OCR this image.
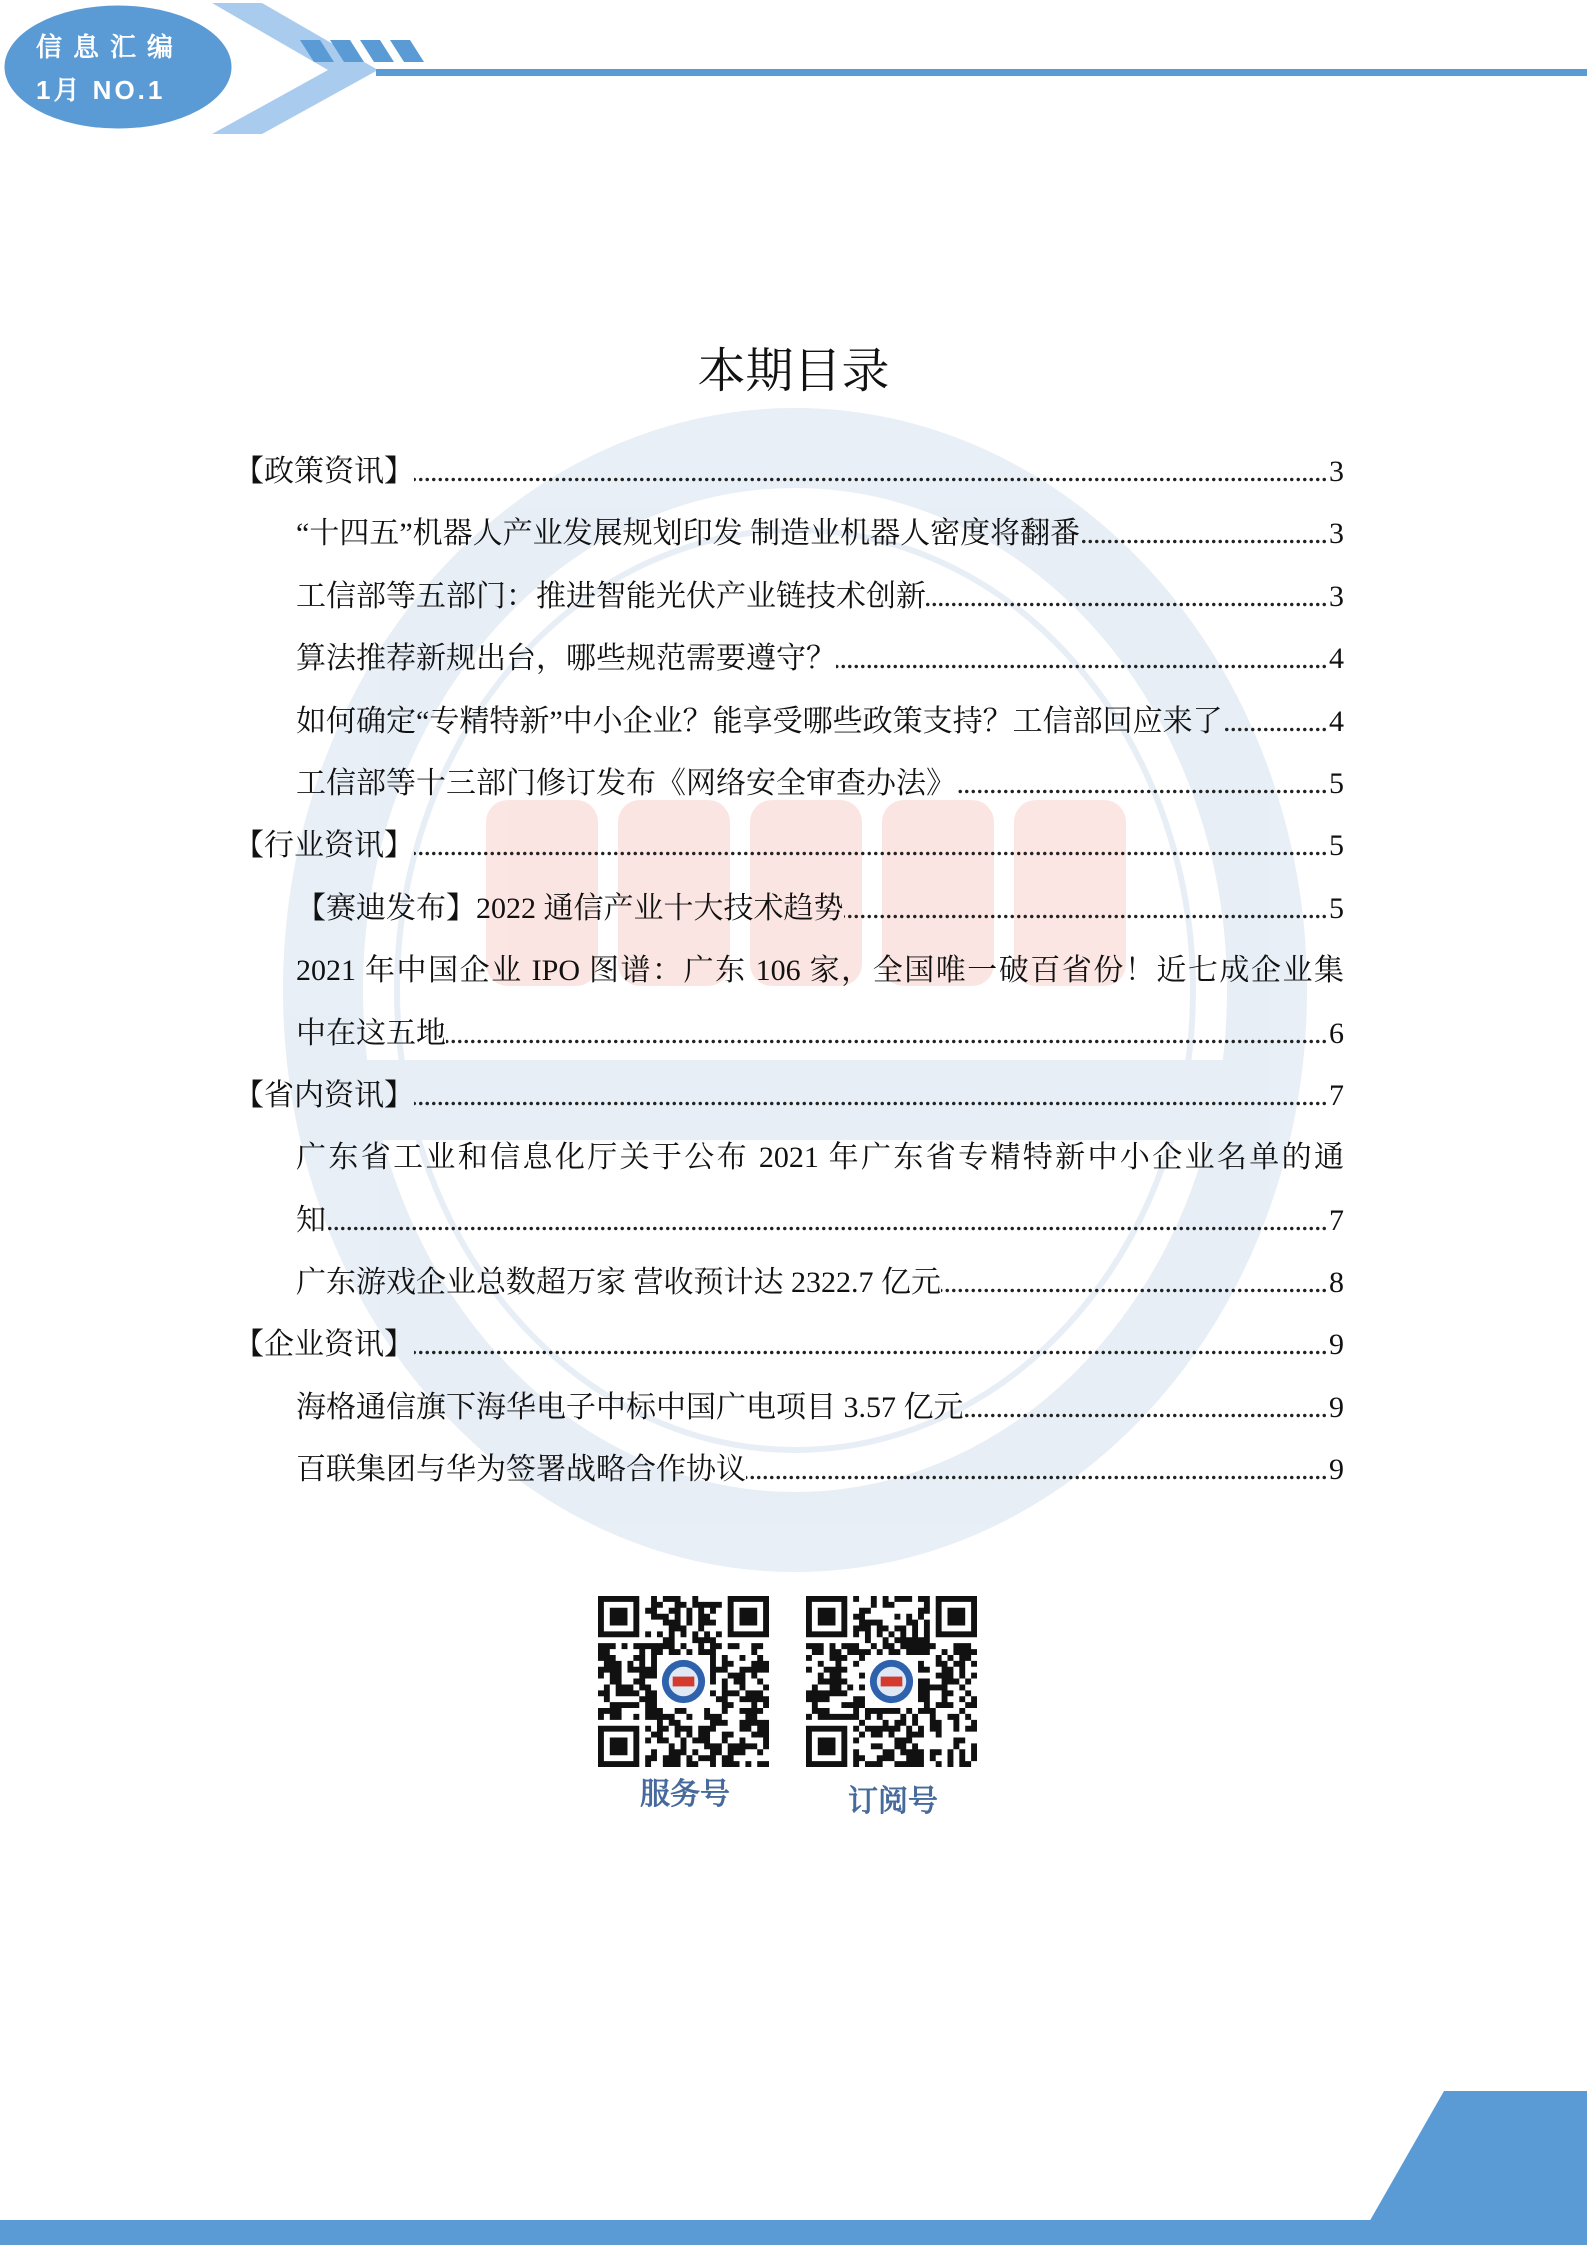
信息汇编
1月 NO.1
本期目录
【政策资讯】 .....	3
“十四五”机器人产业发展规划印发 制造业机器人密度将翻番 .....	3
工信部等五部门：推进智能光伏产业链技术创新 .....	3
算法推荐新规出台，哪些规范需要遵守？ .....	4
如何确定“专精特新”中小企业？能享受哪些政策支持？工信部回应来了 .....	4
工信部等十三部门修订发布《网络安全审查办法》 .....	5
【行业资讯】 .....	5
【赛迪发布】2022 通信产业十大技术趋势 .....	5
2021 年中国企业 IPO 图谱：广东 106 家，全国唯一破百省份！近七成企业集
中在这五地 .....	6
【省内资讯】 .....	7
广东省工业和信息化厅关于公布 2021 年广东省专精特新中小企业名单的通
知 .....	7
广东游戏企业总数超万家 营收预计达 2322.7 亿元 .....	8
【企业资讯】 .....	9
海格通信旗下海华电子中标中国广电项目 3.57 亿元 .....	9
百联集团与华为签署战略合作协议 .....	9
服务号	订阅号
